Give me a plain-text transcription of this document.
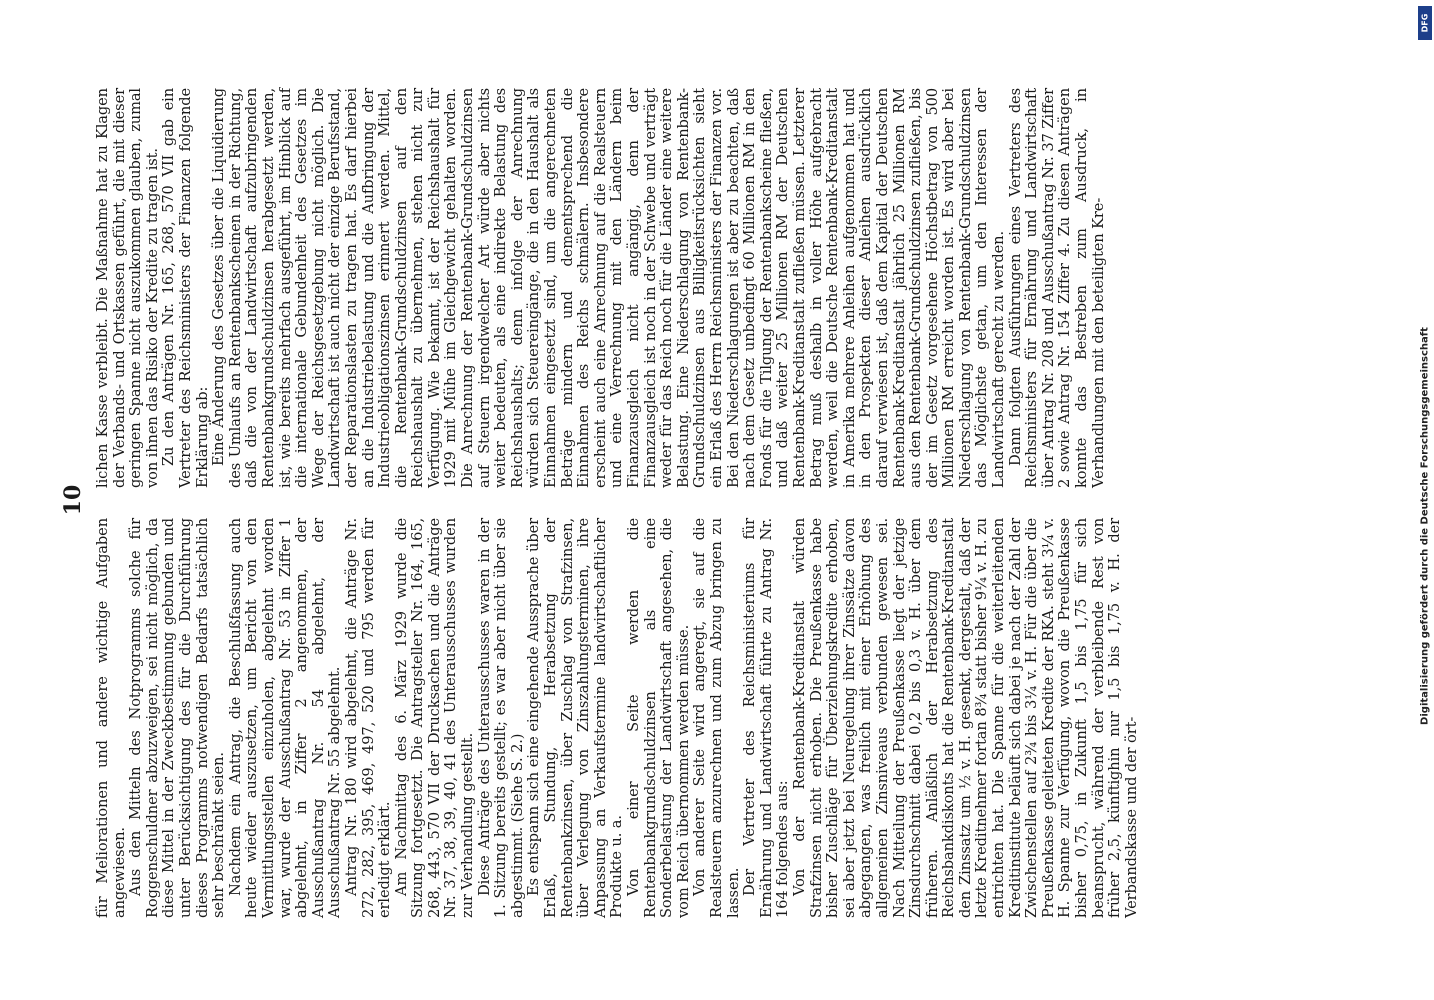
10

für Meliorationen und andere wichtige Aufgaben angewiesen. Aus den Mitteln des Notprogramms solche für Roggenschuldner abzuzweigen, sei nicht möglich, da diese Mittel in der Zweckbestimmung gebunden und unter Berücksichtigung des für die Durchführung dieses Programms notwendigen Bedarfs tatsächlich sehr beschränkt seien. Nachdem ein Antrag, die Beschlußfassung auch heute wieder auszusetzen, um Bericht von den Vermittlungsstellen einzuholen, abgelehnt worden war, wurde der Ausschußantrag Nr. 53 in Ziffer 1 abgelehnt, in Ziffer 2 angenommen, der Ausschußantrag Nr. 54 abgelehnt, der Ausschußantrag Nr. 55 abgelehnt. Antrag Nr. 180 wird abgelehnt, die Anträge Nr. 272, 282, 395, 469, 497, 520 und 795 werden für erledigt erklärt. Am Nachmittag des 6. März 1929 wurde die Sitzung fortgesetzt. Die Antragsteller Nr. 164, 165, 268, 443, 570 VII der Drucksachen und die Anträge Nr. 37, 38, 39, 40, 41 des Unterausschusses wurden zur Verhandlung gestellt. Diese Anträge des Unterausschusses waren in der 1. Sitzung bereits gestellt; es war aber nicht über sie abgestimmt. (Siehe S. 2.) Es entspann sich eine eingehende Aussprache über Erlaß, Stundung, Herabsetzung der Rentenbankzinsen, über Zuschlag von Strafzinsen, über Verlegung von Zinszahlungsterminen, ihre Anpassung an Verkaufstermine landwirtschaftlicher Produkte u. a. Von einer Seite werden die Rentenbankgrundschuldzinsen als eine Sonderbelastung der Landwirtschaft angesehen, die vom Reich übernommen werden müsse. Von anderer Seite wird angeregt, sie auf die Realsteuern anzurechnen und zum Abzug bringen zu lassen. Der Vertreter des Reichsministeriums für Ernährung und Landwirtschaft führte zu Antrag Nr. 164 folgendes aus: Von der Rentenbank-Kreditanstalt würden Strafzinsen nicht erhoben. Die Preußenkasse habe bisher Zuschläge für Überziehungskredite erhoben, sei aber jetzt bei Neuregelung ihrer Zinssätze davon abgegangen, was freilich mit einer Erhöhung des allgemeinen Zinsniveaus verbunden gewesen sei. Nach Mitteilung der Preußenkasse liegt der jetzige Zinsdurchschnitt dabei 0,2 bis 0,3 v. H. über dem früheren. Anläßlich der Herabsetzung des Reichsbankdiskonts hat die Rentenbank-Kreditanstalt den Zinssatz um ½ v. H. gesenkt, dergestalt, daß der letzte Kreditnehmer fortan 8¾ statt bisher 9¼ v. H. zu entrichten hat. Die Spanne für die weiterleitenden Kreditinstitute beläuft sich dabei je nach der Zahl der Zwischenstellen auf 2¾ bis 3¼ v. H. Für die über die Preußenkasse geleiteten Kredite der RKA. steht 3¼ v. H. Spanne zur Verfügung, wovon die Preußenkasse bisher 0,75, in Zukunft 1,5 bis 1,75 für sich beansprucht, während der verbleibende Rest von früher 2,5, künftighin nur 1,5 bis 1,75 v. H. der Verbandskasse und der ört-

lichen Kasse verbleibt. Die Maßnahme hat zu Klagen der Verbands- und Ortskassen geführt, die mit dieser geringen Spanne nicht auszukommen glauben, zumal von ihnen das Risiko der Kredite zu tragen ist. Zu den Anträgen Nr. 165, 268, 570 VII gab ein Vertreter des Reichsministers der Finanzen folgende Erklärung ab: Eine Änderung des Gesetzes über die Liquidierung des Umlaufs an Rentenbankscheinen in der Richtung, daß die von der Landwirtschaft aufzubringenden Rentenbankgrundschuldzinsen herabgesetzt werden, ist, wie bereits mehrfach ausgeführt, im Hinblick auf die internationale Gebundenheit des Gesetzes im Wege der Reichsgesetzgebung nicht möglich. Die Landwirtschaft ist auch nicht der einzige Berufsstand, der Reparationslasten zu tragen hat. Es darf hierbei an die Industriebelastung und die Aufbringung der Industrieobligationszinsen erinnert werden. Mittel, die Rentenbank-Grundschuldzinsen auf den Reichshaushalt zu übernehmen, stehen nicht zur Verfügung. Wie bekannt, ist der Reichshaushalt für 1929 mit Mühe im Gleichgewicht gehalten worden. Die Anrechnung der Rentenbank-Grundschuldzinsen auf Steuern irgendwelcher Art würde aber nichts weiter bedeuten, als eine indirekte Belastung des Reichshaushalts; denn infolge der Anrechnung würden sich Steuereingänge, die in den Haushalt als Einnahmen eingesetzt sind, um die angerechneten Beträge mindern und dementsprechend die Einnahmen des Reichs schmälern. Insbesondere erscheint auch eine Anrechnung auf die Realsteuern und eine Verrechnung mit den Ländern beim Finanzausgleich nicht angängig, denn der Finanzausgleich ist noch in der Schwebe und verträgt weder für das Reich noch für die Länder eine weitere Belastung. Eine Niederschlagung von Rentenbank-Grundschuldzinsen aus Billigkeitsrücksichten sieht ein Erlaß des Herrn Reichsministers der Finanzen vor. Bei den Niederschlagungen ist aber zu beachten, daß nach dem Gesetz unbedingt 60 Millionen RM in den Fonds für die Tilgung der Rentenbankscheine fließen, und daß weiter 25 Millionen RM der Deutschen Rentenbank-Kreditanstalt zufließen müssen. Letzterer Betrag muß deshalb in voller Höhe aufgebracht werden, weil die Deutsche Rentenbank-Kreditanstalt in Amerika mehrere Anleihen aufgenommen hat und in den Prospekten dieser Anleihen ausdrücklich darauf verwiesen ist, daß dem Kapital der Deutschen Rentenbank-Kreditanstalt jährlich 25 Millionen RM aus den Rentenbank-Grundschuldzinsen zufließen, bis der im Gesetz vorgesehene Höchstbetrag von 500 Millionen RM erreicht worden ist. Es wird aber bei Niederschlagung von Rentenbank-Grundschuldzinsen das Möglichste getan, um den Interessen der Landwirtschaft gerecht zu werden. Dann folgten Ausführungen eines Vertreters des Reichsministers für Ernährung und Landwirtschaft über Antrag Nr. 208 und Ausschußantrag Nr. 37 Ziffer 2 sowie Antrag Nr. 154 Ziffer 4. Zu diesen Anträgen konnte das Bestreben zum Ausdruck, in Verhandlungen mit den beteiligten Kre-	Digitalisierung gefördert durch die Deutsche Forschungsgemeinschaft
DFG
